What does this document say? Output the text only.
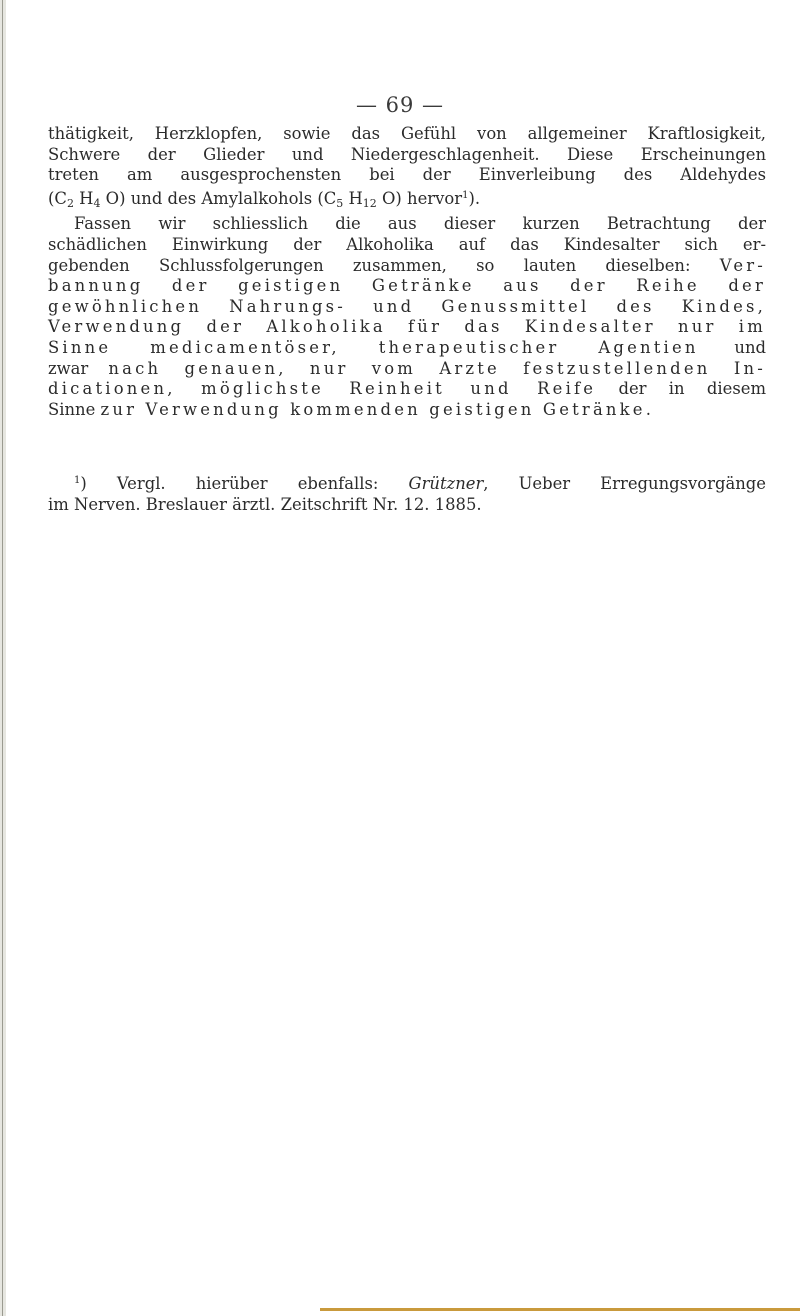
— 69 —
thätigkeit, Herzklopfen, sowie das Gefühl von allgemeiner Kraftlosigkeit,
Schwere der Glieder und Niedergeschlagenheit. Diese Erscheinungen
treten am ausgesprochensten bei der Einverleibung des Aldehydes
($C_2$ $H_4$ O) und des Amylalkohols ($C_5$ $H_{12}$ O) hervor$^1$).
Fassen wir schliesslich die aus dieser kurzen Betrachtung der
schädlichen Einwirkung der Alkoholika auf das Kindesalter sich er-
gebenden Schlussfolgerungen zusammen, so lauten dieselben: Ver-
bannung der geistigen Getränke aus der Reihe der
gewöhnlichen Nahrungs- und Genussmittel des Kindes,
Verwendung der Alkoholika für das Kindesalter nur im
Sinne medicamentöser, therapeutischer Agentien und
zwar nach genauen, nur vom Arzte festzustellenden In-
dicationen, möglichste Reinheit und Reife der in diesem
Sinne zur Verwendung kommenden geistigen Getränke.
$^1$) Vergl. hierüber ebenfalls: Grützner, Ueber Erregungsvorgänge
im Nerven. Breslauer ärztl. Zeitschrift Nr. 12. 1885.
